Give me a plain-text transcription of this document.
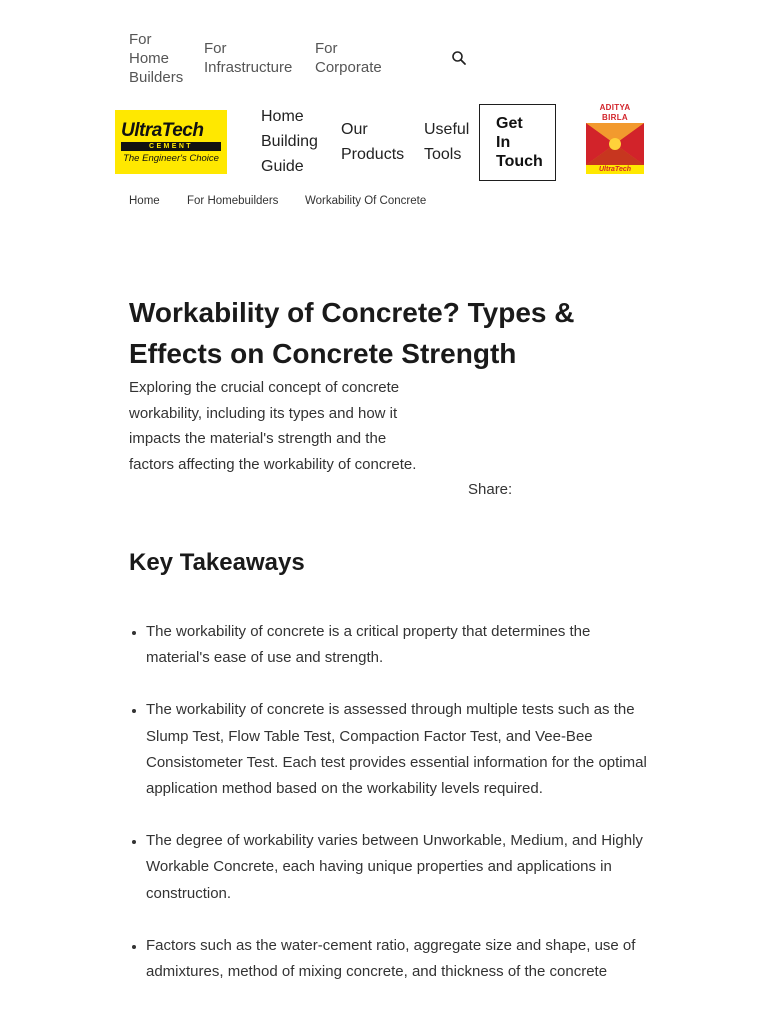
For Home Builders
For Infrastructure
For Corporate
UltraTech
CEMENT
The Engineer's Choice
Home Building Guide
Our Products
Useful Tools
Get In Touch
ADITYA BIRLA
UltraTech
Home For Homebuilders Workability Of Concrete
Workability of Concrete? Types & Effects on Concrete Strength

Exploring the crucial concept of concrete workability, including its types and how it impacts the material's strength and the factors affecting the workability of concrete.

Share:
Key Takeaways
The workability of concrete is a critical property that determines the material's ease of use and strength.
The workability of concrete is assessed through multiple tests such as the Slump Test, Flow Table Test, Compaction Factor Test, and Vee-Bee Consistometer Test. Each test provides essential information for the optimal application method based on the workability levels required.
The degree of workability varies between Unworkable, Medium, and Highly Workable Concrete, each having unique properties and applications in construction.
Factors such as the water-cement ratio, aggregate size and shape, use of admixtures, method of mixing concrete, and thickness of the concrete
